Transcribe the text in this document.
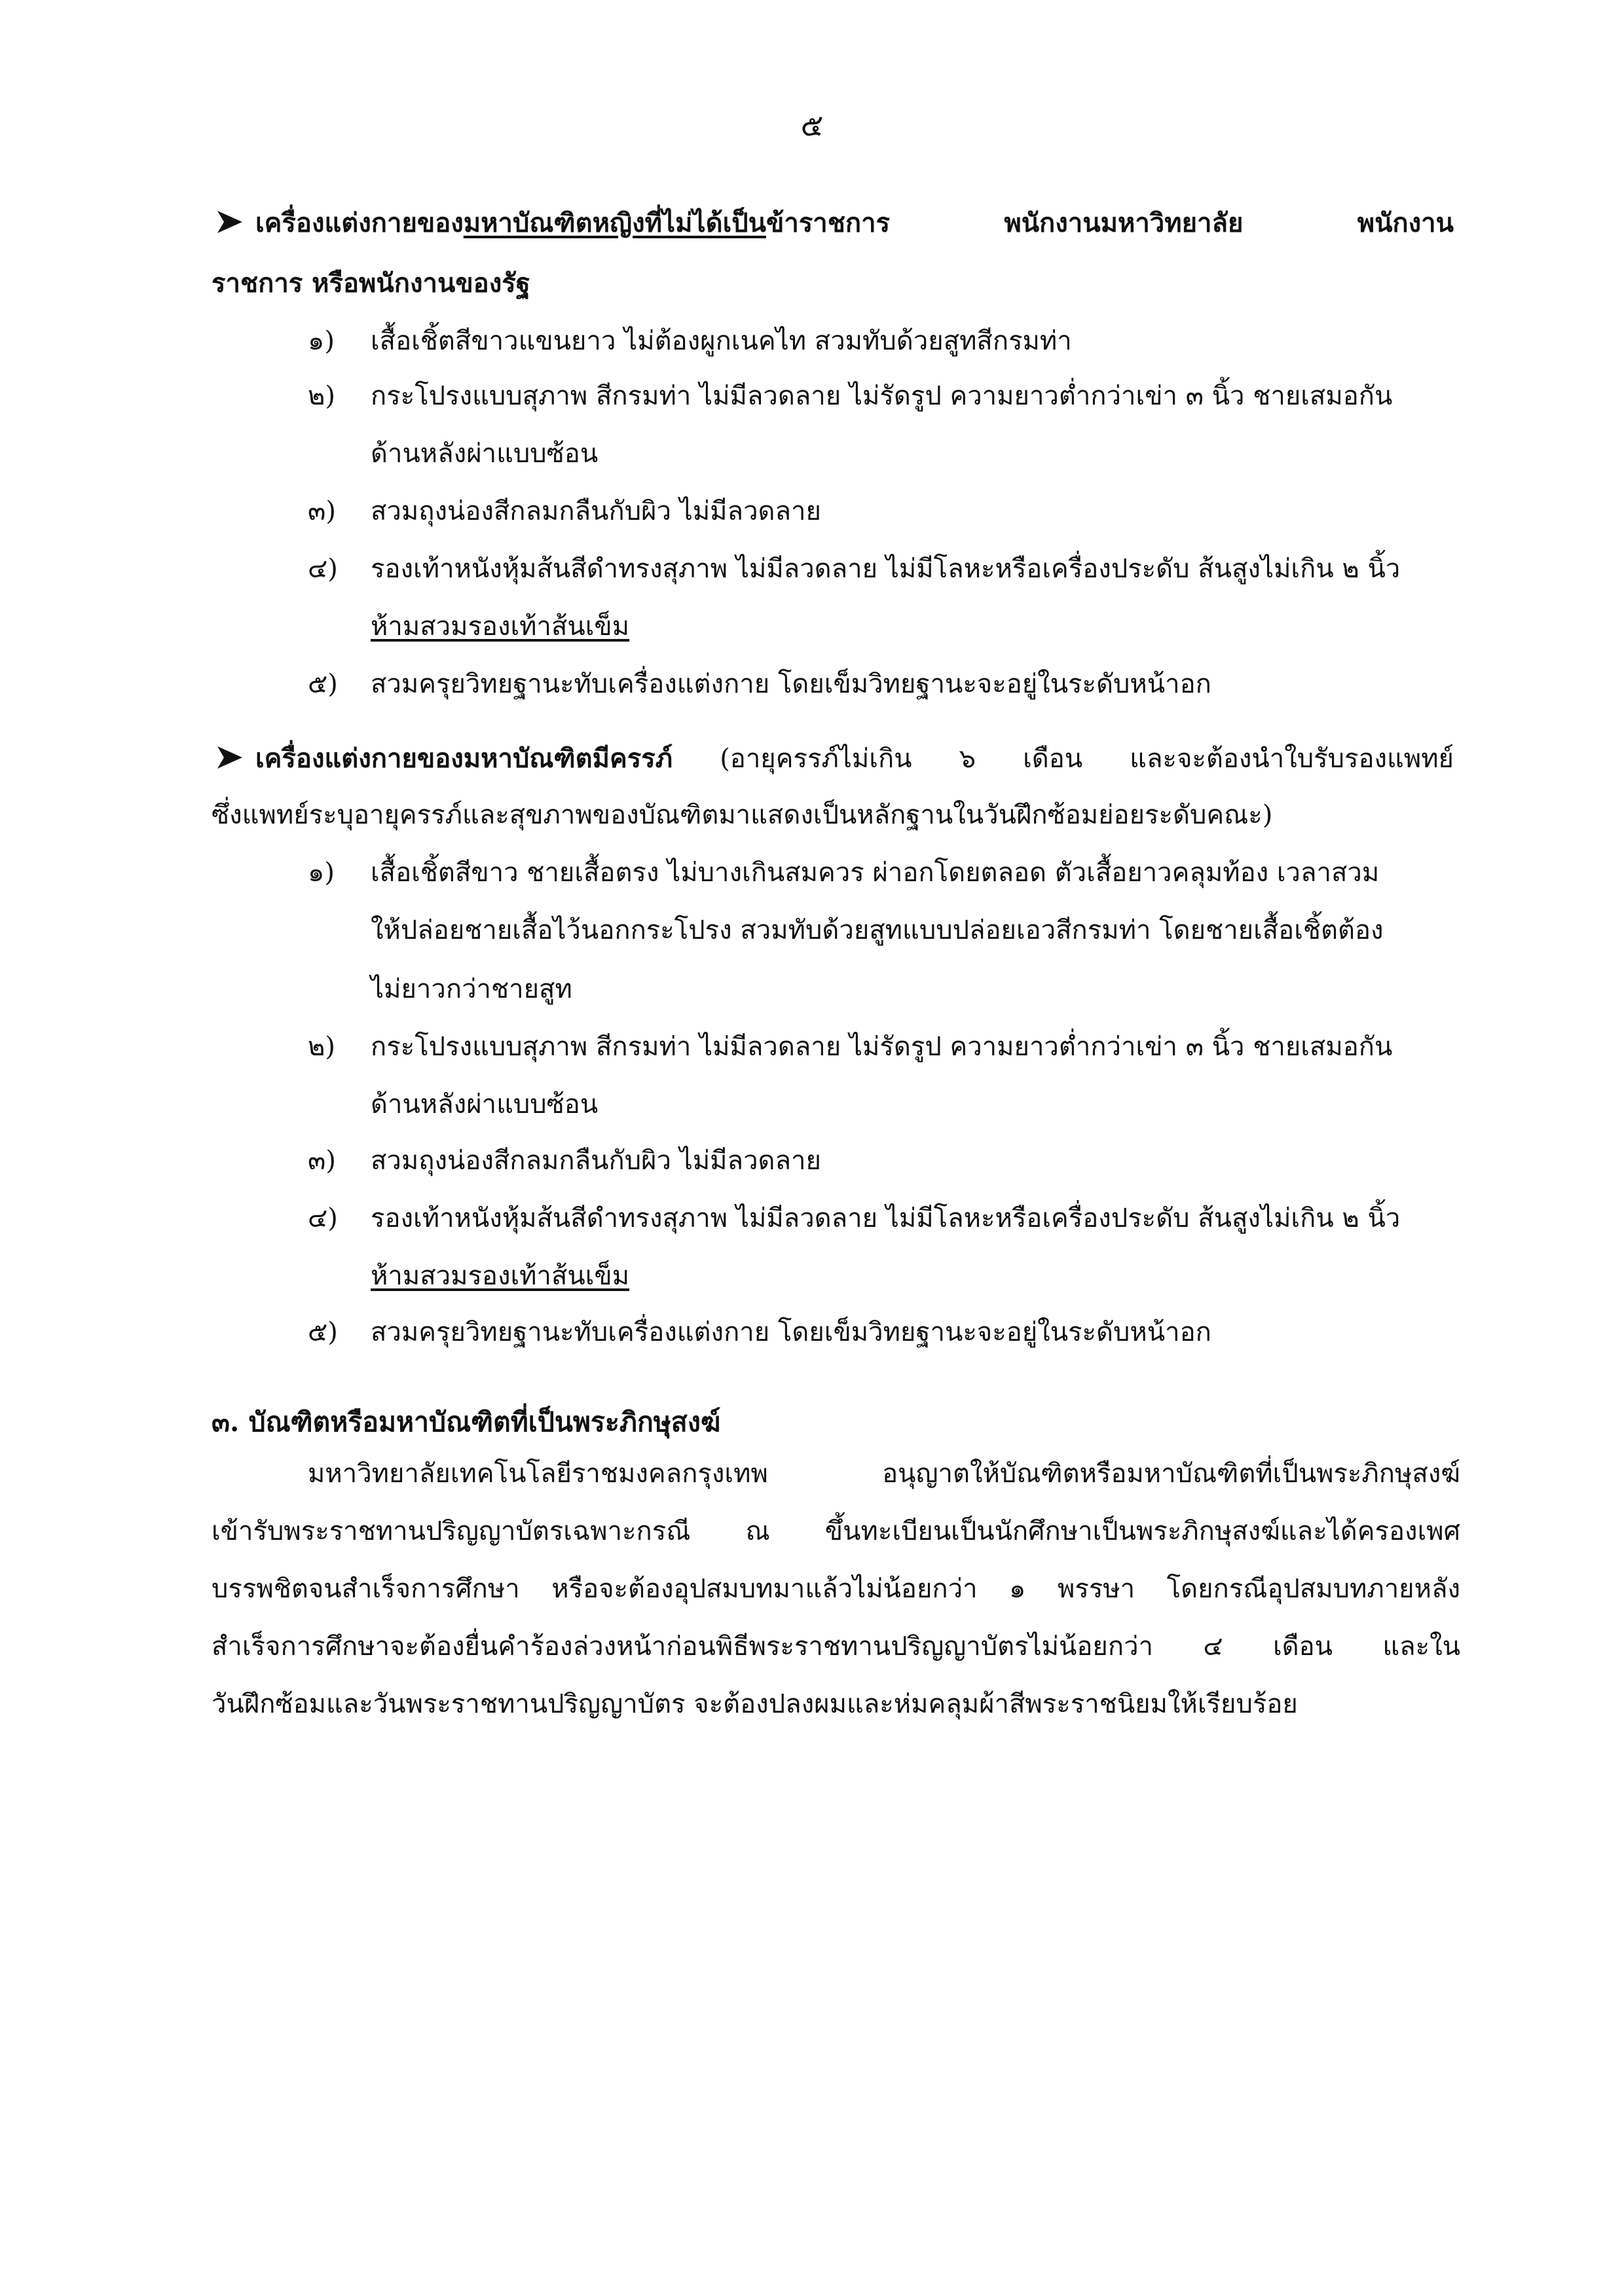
๕
เครื่องแต่งกายของมหาบัณฑิตหญิงที่ไม่ได้เป็นข้าราชการ พนักงานมหาวิทยาลัย พนักงาน
ราชการ หรือพนักงานของรัฐ
๑) เสื้อเชิ้ตสีขาวแขนยาว ไม่ต้องผูกเนคไท สวมทับด้วยสูทสีกรมท่า
๒) กระโปรงแบบสุภาพ สีกรมท่า ไม่มีลวดลาย ไม่รัดรูป ความยาวต่ำกว่าเข่า ๓ นิ้ว ชายเสมอกัน
ด้านหลังผ่าแบบซ้อน
๓) สวมถุงน่องสีกลมกลืนกับผิว ไม่มีลวดลาย
๔) รองเท้าหนังหุ้มส้นสีดำทรงสุภาพ ไม่มีลวดลาย ไม่มีโลหะหรือเครื่องประดับ ส้นสูงไม่เกิน ๒ นิ้ว
ห้ามสวมรองเท้าส้นเข็ม
๕) สวมครุยวิทยฐานะทับเครื่องแต่งกาย โดยเข็มวิทยฐานะจะอยู่ในระดับหน้าอก
เครื่องแต่งกายของมหาบัณฑิตมีครรภ์ (อายุครรภ์ไม่เกิน ๖ เดือน และจะต้องนำใบรับรองแพทย์
ซึ่งแพทย์ระบุอายุครรภ์และสุขภาพของบัณฑิตมาแสดงเป็นหลักฐานในวันฝึกซ้อมย่อยระดับคณะ)
๑) เสื้อเชิ้ตสีขาว ชายเสื้อตรง ไม่บางเกินสมควร ผ่าอกโดยตลอด ตัวเสื้อยาวคลุมท้อง เวลาสวม
ให้ปล่อยชายเสื้อไว้นอกกระโปรง สวมทับด้วยสูทแบบปล่อยเอวสีกรมท่า โดยชายเสื้อเชิ้ตต้อง
ไม่ยาวกว่าชายสูท
๒) กระโปรงแบบสุภาพ สีกรมท่า ไม่มีลวดลาย ไม่รัดรูป ความยาวต่ำกว่าเข่า ๓ นิ้ว ชายเสมอกัน
ด้านหลังผ่าแบบซ้อน
๓) สวมถุงน่องสีกลมกลืนกับผิว ไม่มีลวดลาย
๔) รองเท้าหนังหุ้มส้นสีดำทรงสุภาพ ไม่มีลวดลาย ไม่มีโลหะหรือเครื่องประดับ ส้นสูงไม่เกิน ๒ นิ้ว
ห้ามสวมรองเท้าส้นเข็ม
๕) สวมครุยวิทยฐานะทับเครื่องแต่งกาย โดยเข็มวิทยฐานะจะอยู่ในระดับหน้าอก
๓. บัณฑิตหรือมหาบัณฑิตที่เป็นพระภิกษุสงฆ์
มหาวิทยาลัยเทคโนโลยีราชมงคลกรุงเทพ อนุญาตให้บัณฑิตหรือมหาบัณฑิตที่เป็นพระภิกษุสงฆ์
เข้ารับพระราชทานปริญญาบัตรเฉพาะกรณี ณ ขึ้นทะเบียนเป็นนักศึกษาเป็นพระภิกษุสงฆ์และได้ครองเพศ
บรรพชิตจนสำเร็จการศึกษา หรือจะต้องอุปสมบทมาแล้วไม่น้อยกว่า ๑ พรรษา โดยกรณีอุปสมบทภายหลัง
สำเร็จการศึกษาจะต้องยื่นคำร้องล่วงหน้าก่อนพิธีพระราชทานปริญญาบัตรไม่น้อยกว่า ๔ เดือน และใน
วันฝึกซ้อมและวันพระราชทานปริญญาบัตร จะต้องปลงผมและห่มคลุมผ้าสีพระราชนิยมให้เรียบร้อย
